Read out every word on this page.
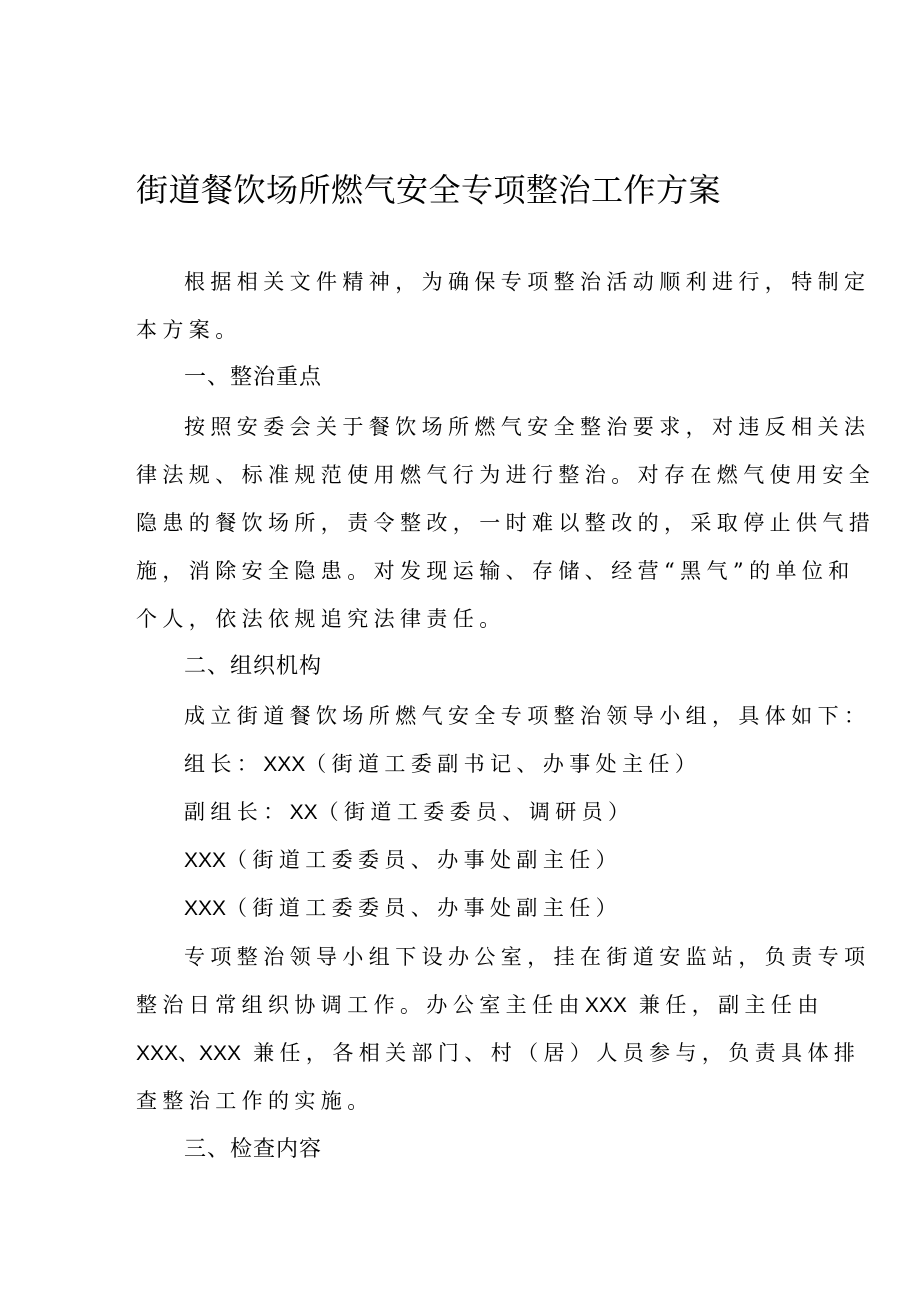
街道餐饮场所燃气安全专项整治工作方案
根据相关文件精神，为确保专项整治活动顺利进行，特制定
本方案。
一、整治重点
按照安委会关于餐饮场所燃气安全整治要求，对违反相关法
律法规、标准规范使用燃气行为进行整治。对存在燃气使用安全
隐患的餐饮场所，责令整改，一时难以整改的，采取停止供气措
施，消除安全隐患。对发现运输、存储、经营“黑气”的单位和
个人，依法依规追究法律责任。
二、组织机构
成立街道餐饮场所燃气安全专项整治领导小组，具体如下：
组长：XXX（街道工委副书记、办事处主任）
副组长：XX（街道工委委员、调研员）
XXX（街道工委委员、办事处副主任）
XXX（街道工委委员、办事处副主任）
专项整治领导小组下设办公室，挂在街道安监站，负责专项
整治日常组织协调工作。办公室主任由XXX 兼任，副主任由
XXX、XXX 兼任，各相关部门、村（居）人员参与，负责具体排
查整治工作的实施。
三、检查内容
